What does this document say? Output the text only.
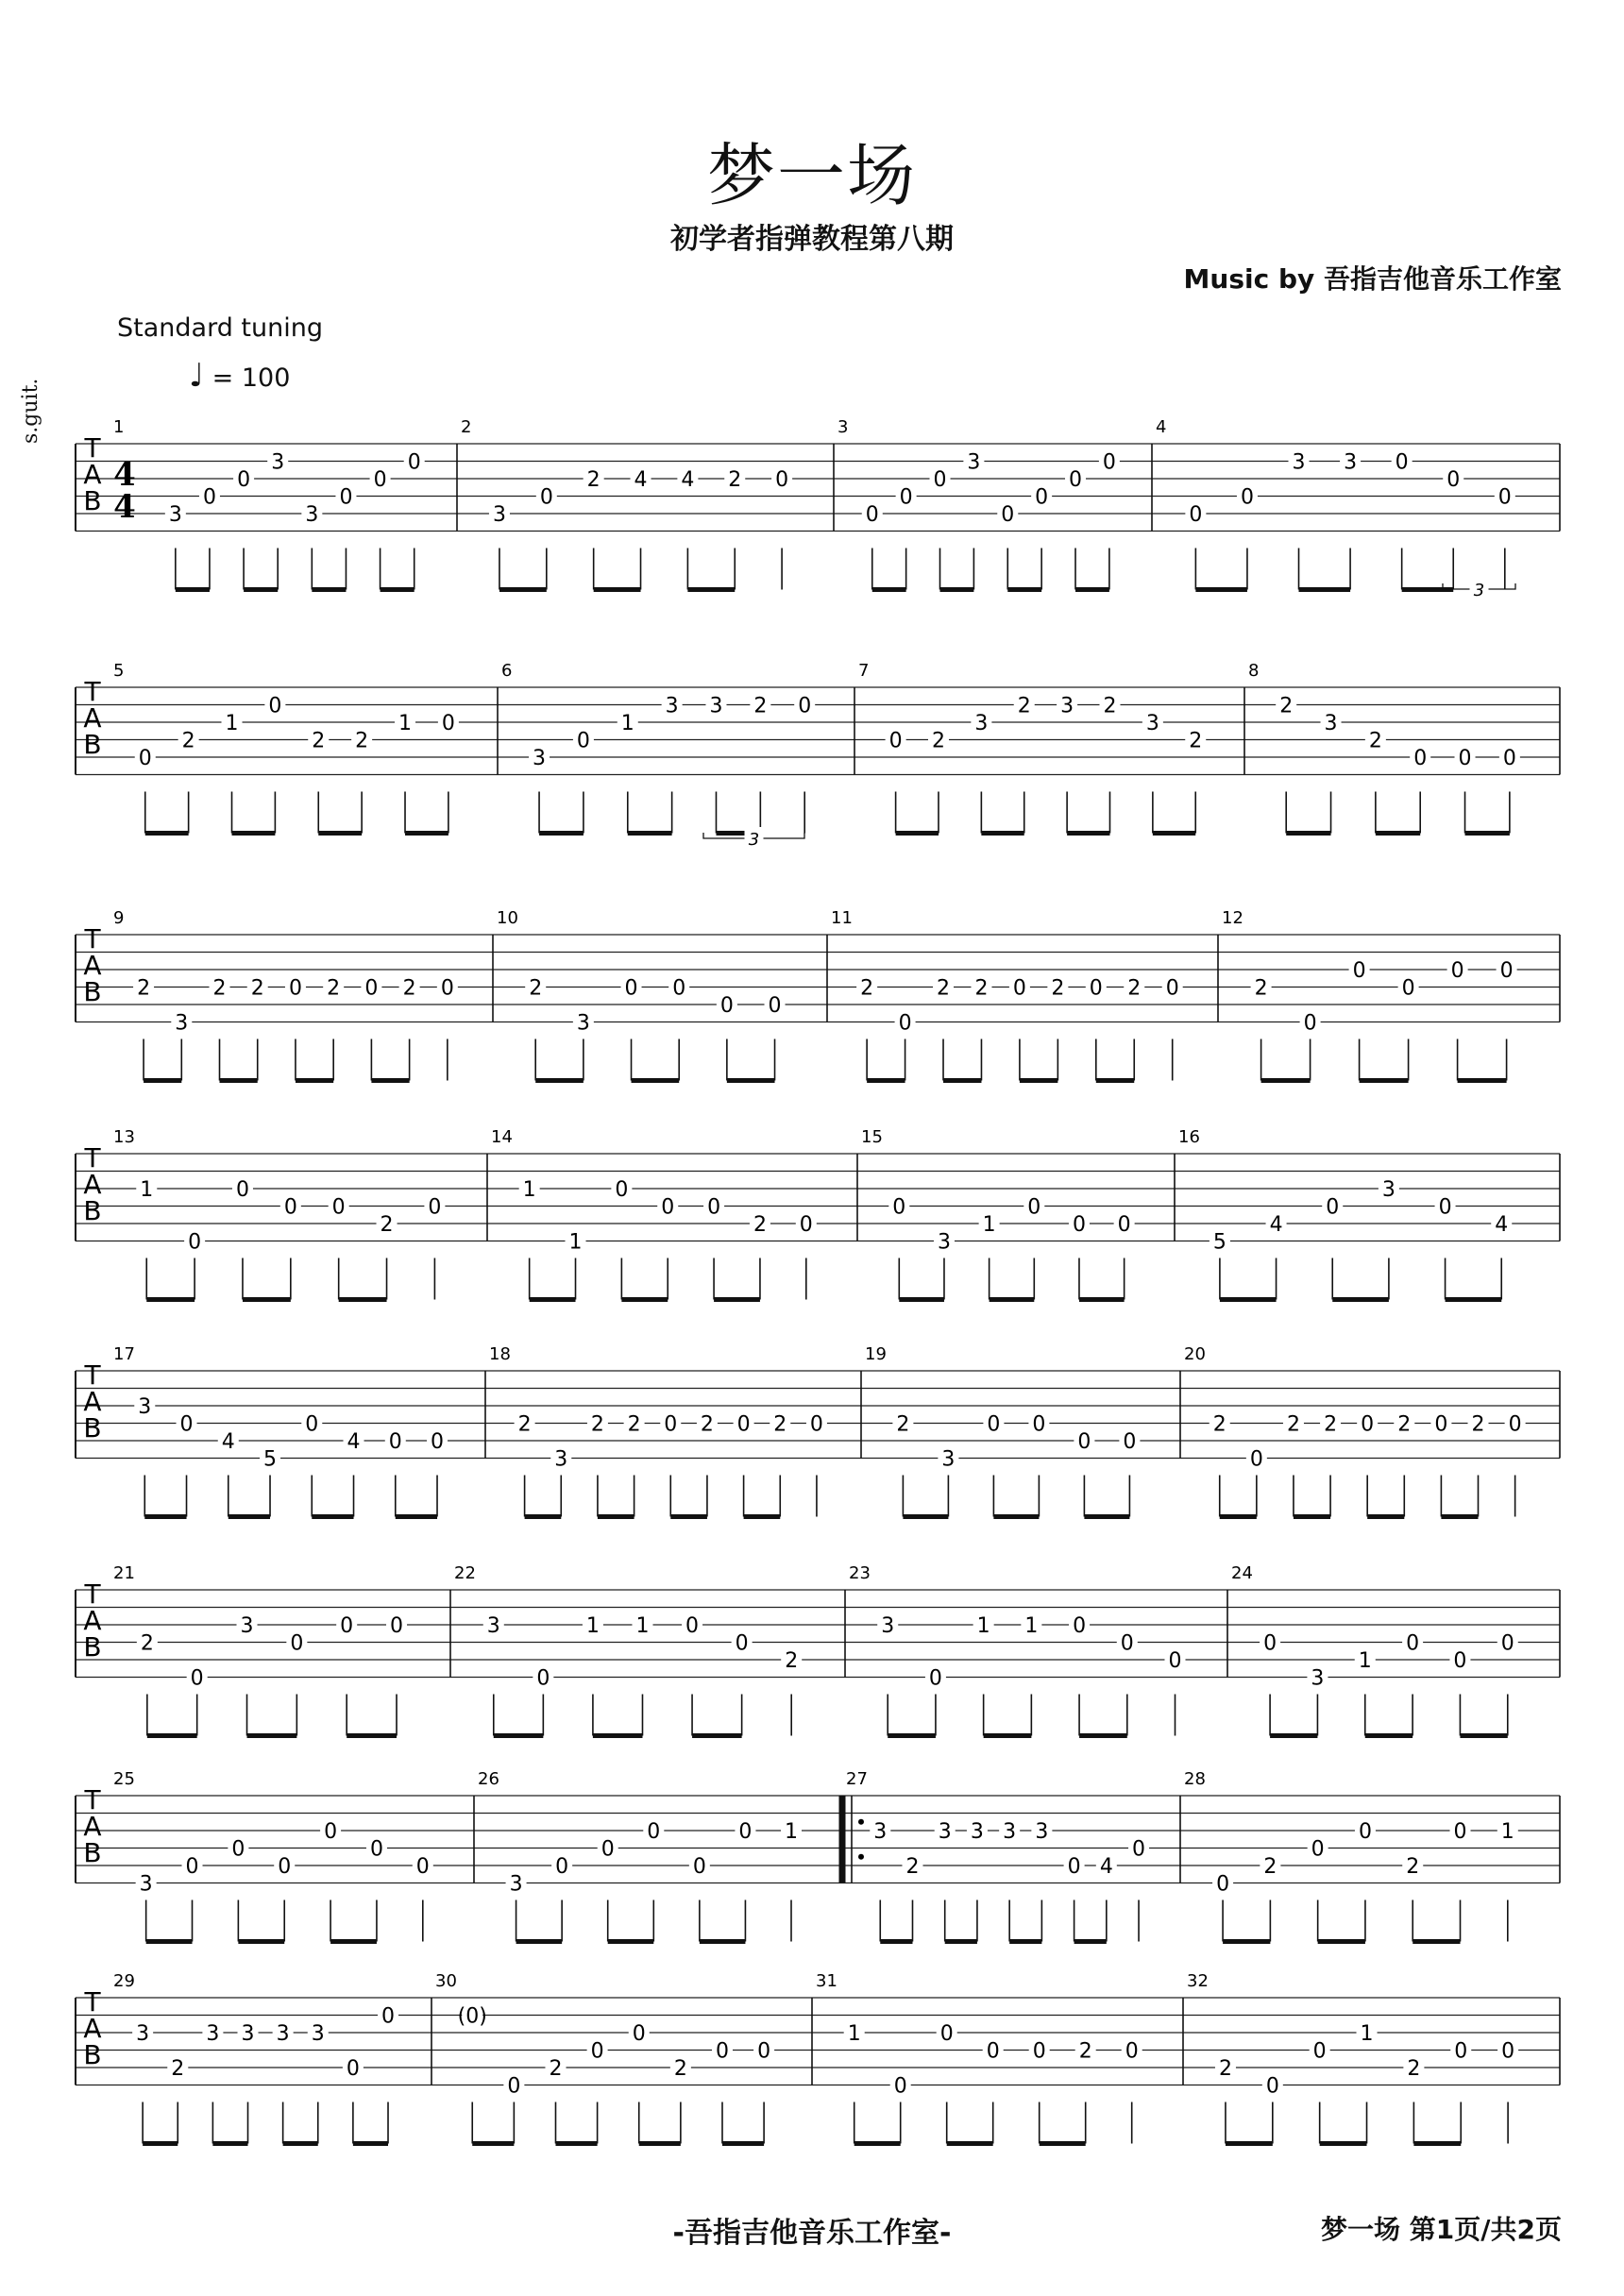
梦一场
初学者指弹教程第八期
Music by 吾指吉他音乐工作室
Standard tuning
♩ = 100
s.guit.
T
A
B
4
4
1
3
0
0
3
3
0
0
0
2
3
0
2 4 4 2 0
3
0
0
0
3
0
0
0
0
4
0
0
3 3 0
0
0
T
A
B
5
0
2
1
0
2 2
1 0
6
3
0
1
3 3 2 0
7
0 2
3
2 3 2
3
2
8
2
3
2
0 0 0
T
A
B
9
2
3
2 2 0 2 0 2 0
10
2
3
0 0
0 0
11
2
0
2 2 0 2 0 2 0
12
2
0
0
0
0 0
T
A
B
13
1
0
0
0 0
2
0
14
1
1
0
0 0
2 0
15
0
3
1
0
0 0
16
5
4
0
3
0
4
T
A
B
17
3
0
4
5
0
4 0 0
18
2
3
2 2 0 2 0 2 0
19
2
3
0 0
0 0
20
2
0
2 2 0 2 0 2 0
T
A
B
21
2
0
3
0
0 0
22
3
0
1 1 0
0
2
23
3
0
1 1 0
0
0
24
0
3
1
0
0
0
T
A
B
25
3
0
0
0
0
0
0
26
3
0
0
0
0
0 1
27
3
2
3 3 3 3
0 4
0
28
0
2
0
0
2
0 1
T
A
B
29
3
2
3 3 3 3
0
0
30
(0)
0
2
0
0
2
0 0
31
1
0
0
0 0 2 0
32
2
0
0
1
2
0 0
3
3
-吾指吉他音乐工作室-	梦一场 第1页/共2页
